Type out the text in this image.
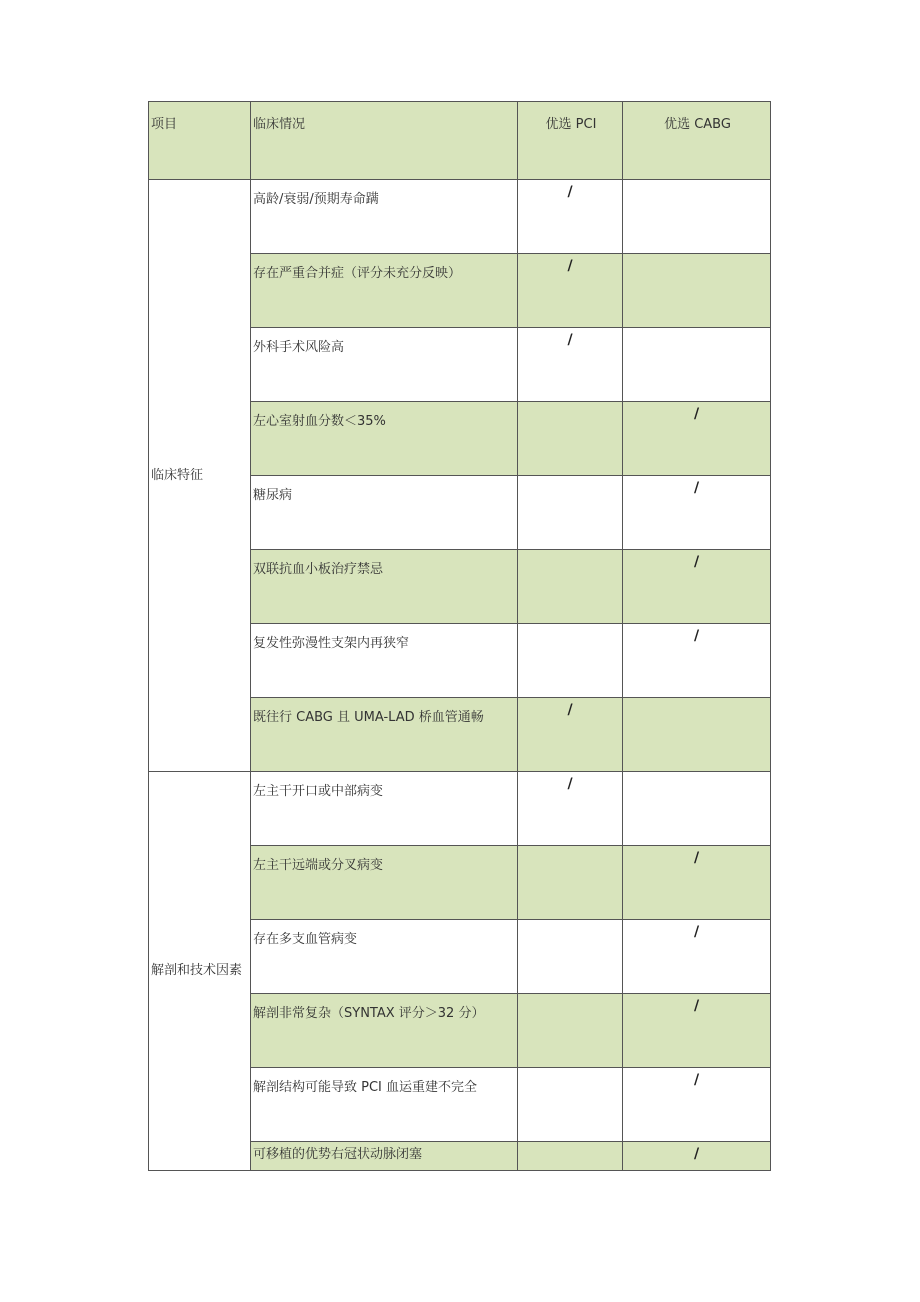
项目	临床情况	优选 PCI	优选 CABG

临床特征	高龄/衰弱/预期寿命蹒	/	

	存在严重合并症（评分未充分反映）	/	

	外科手术风险高	/	

	左心室射血分数＜35%		/

	糖尿病		/

	双联抗血小板治疗禁忌		/

	复发性弥漫性支架内再狭窄		/

	既往行 CABG 且 UMA-LAD 桥血管通畅	/	

解剖和技术因素	左主干开口或中部病变	/	

	左主干远端或分叉病变		/

	存在多支血管病变		/

	解剖非常复杂（SYNTAX 评分＞32 分）		/

	解剖结构可能导致 PCI 血运重建不完全		/

	可移植的优势右冠状动脉闭塞		/
